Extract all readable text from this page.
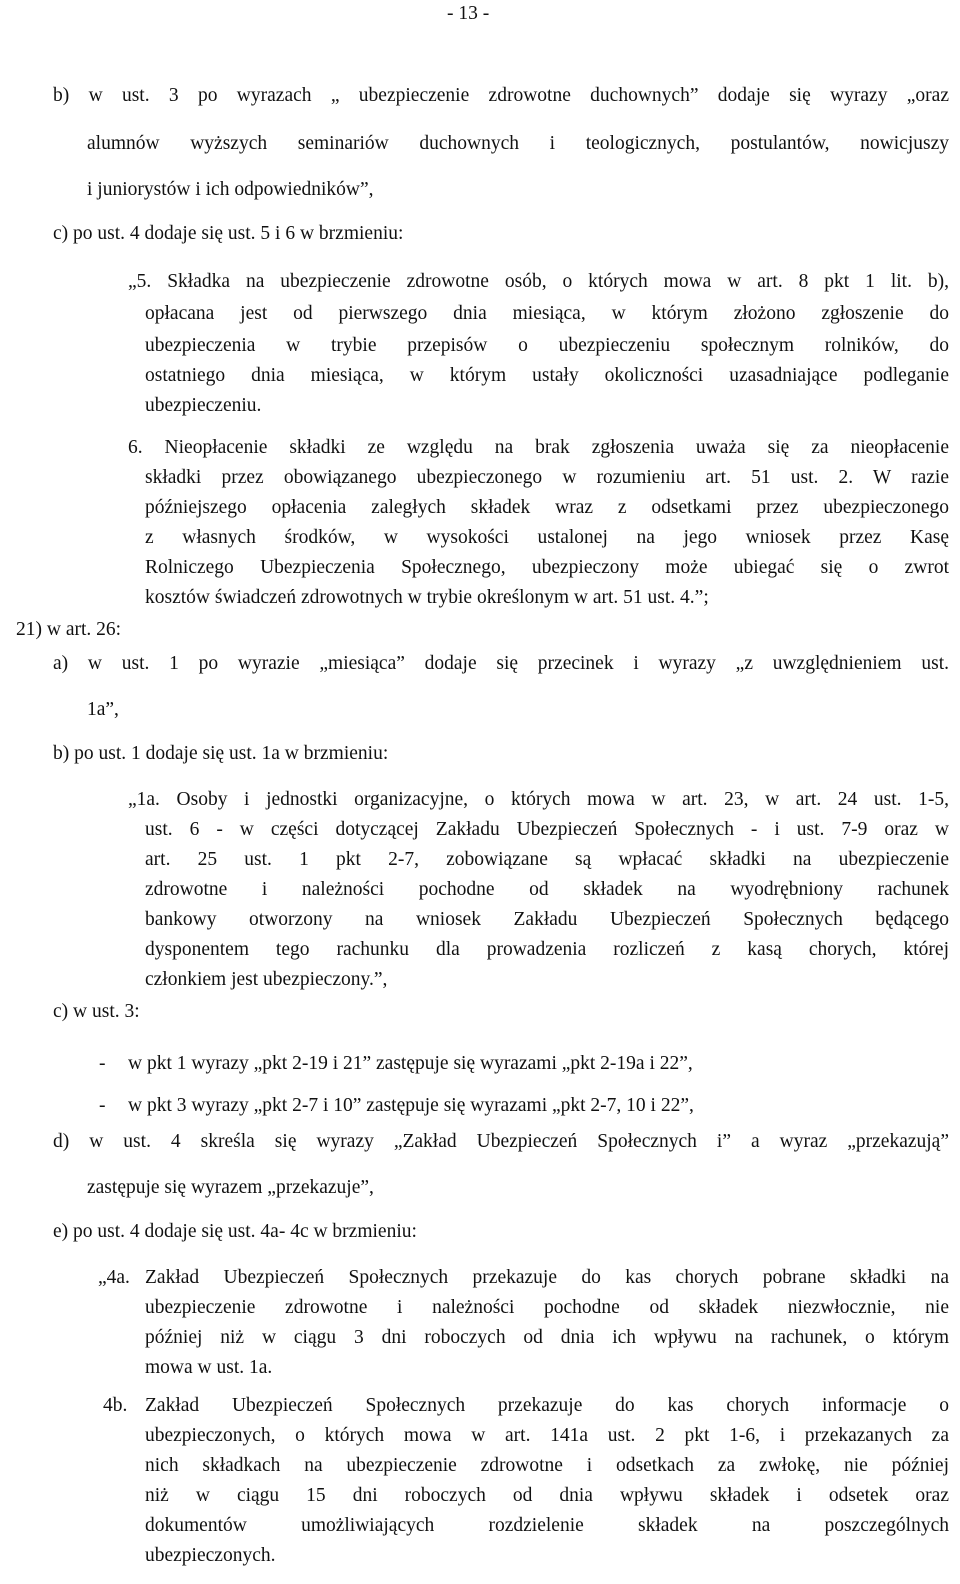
- 13 -
b) w ust. 3 po wyrazach „ ubezpieczenie zdrowotne duchownych” dodaje się wyrazy „oraz
alumnów wyższych seminariów duchownych i teologicznych, postulantów, nowicjuszy
i juniorystów i ich odpowiedników”,
c) po ust. 4 dodaje się ust. 5 i 6 w brzmieniu:
„5. Składka na ubezpieczenie zdrowotne osób, o których mowa w art. 8 pkt 1 lit. b),
opłacana jest od pierwszego dnia miesiąca, w którym złożono zgłoszenie do
ubezpieczenia w trybie przepisów o ubezpieczeniu społecznym rolników, do
ostatniego dnia miesiąca, w którym ustały okoliczności uzasadniające podleganie
ubezpieczeniu.
6. Nieopłacenie składki ze względu na brak zgłoszenia uważa się za nieopłacenie
składki przez obowiązanego ubezpieczonego w rozumieniu art. 51 ust. 2. W razie
późniejszego opłacenia zaległych składek wraz z odsetkami przez ubezpieczonego
z własnych środków, w wysokości ustalonej na jego wniosek przez Kasę
Rolniczego Ubezpieczenia Społecznego, ubezpieczony może ubiegać się o zwrot
kosztów świadczeń zdrowotnych w trybie określonym w art. 51 ust. 4.”;
21) w art. 26:
a) w ust. 1 po wyrazie „miesiąca” dodaje się przecinek i wyrazy „z uwzględnieniem ust.
1a”,
b) po ust. 1 dodaje się ust. 1a w brzmieniu:
„1a. Osoby i jednostki organizacyjne, o których mowa w art. 23, w art. 24 ust. 1-5,
ust. 6 - w części dotyczącej Zakładu Ubezpieczeń Społecznych - i ust. 7-9 oraz w
art. 25 ust. 1 pkt 2-7, zobowiązane są wpłacać składki na ubezpieczenie
zdrowotne i należności pochodne od składek na wyodrębniony rachunek
bankowy otworzony na wniosek Zakładu Ubezpieczeń Społecznych będącego
dysponentem tego rachunku dla prowadzenia rozliczeń z kasą chorych, której
członkiem jest ubezpieczony.”,
c) w ust. 3:
- w pkt 1 wyrazy „pkt 2-19 i 21” zastępuje się wyrazami „pkt 2-19a i 22”,
- w pkt 3 wyrazy „pkt 2-7 i 10” zastępuje się wyrazami „pkt 2-7, 10 i 22”,
d) w ust. 4 skreśla się wyrazy „Zakład Ubezpieczeń Społecznych i” a wyraz „przekazują”
zastępuje się wyrazem „przekazuje”,
e) po ust. 4 dodaje się ust. 4a- 4c w brzmieniu:
„4a. Zakład Ubezpieczeń Społecznych przekazuje do kas chorych pobrane składki na
ubezpieczenie zdrowotne i należności pochodne od składek niezwłocznie, nie
później niż w ciągu 3 dni roboczych od dnia ich wpływu na rachunek, o którym
mowa w ust. 1a.
4b. Zakład Ubezpieczeń Społecznych przekazuje do kas chorych informacje o
ubezpieczonych, o których mowa w art. 141a ust. 2 pkt 1-6, i przekazanych za
nich składkach na ubezpieczenie zdrowotne i odsetkach za zwłokę, nie później
niż w ciągu 15 dni roboczych od dnia wpływu składek i odsetek oraz
dokumentów umożliwiających rozdzielenie składek na poszczególnych
ubezpieczonych.
